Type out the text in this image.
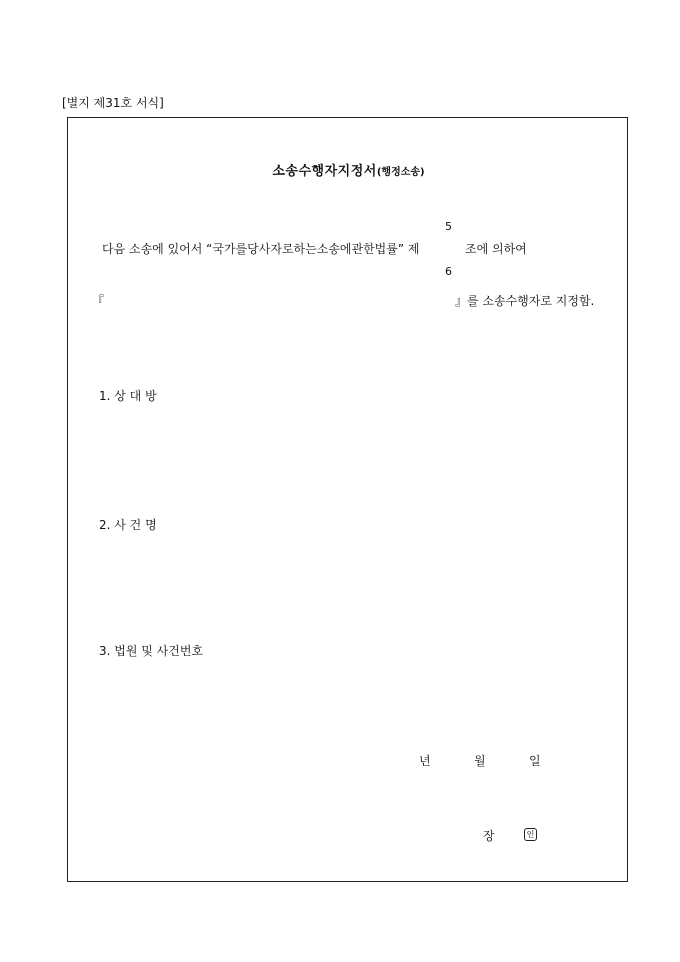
[별지 제31호 서식]
소송수행자지정서(행정소송)
5
다음 소송에 있어서 “국가를당사자로하는소송에관한법률” 제	조에 의하여
6
『	』를 소송수행자로 지정함.
1. 상 대 방
2. 사 건 명
3. 법원 및 사건번호
년	월	일
장	인
